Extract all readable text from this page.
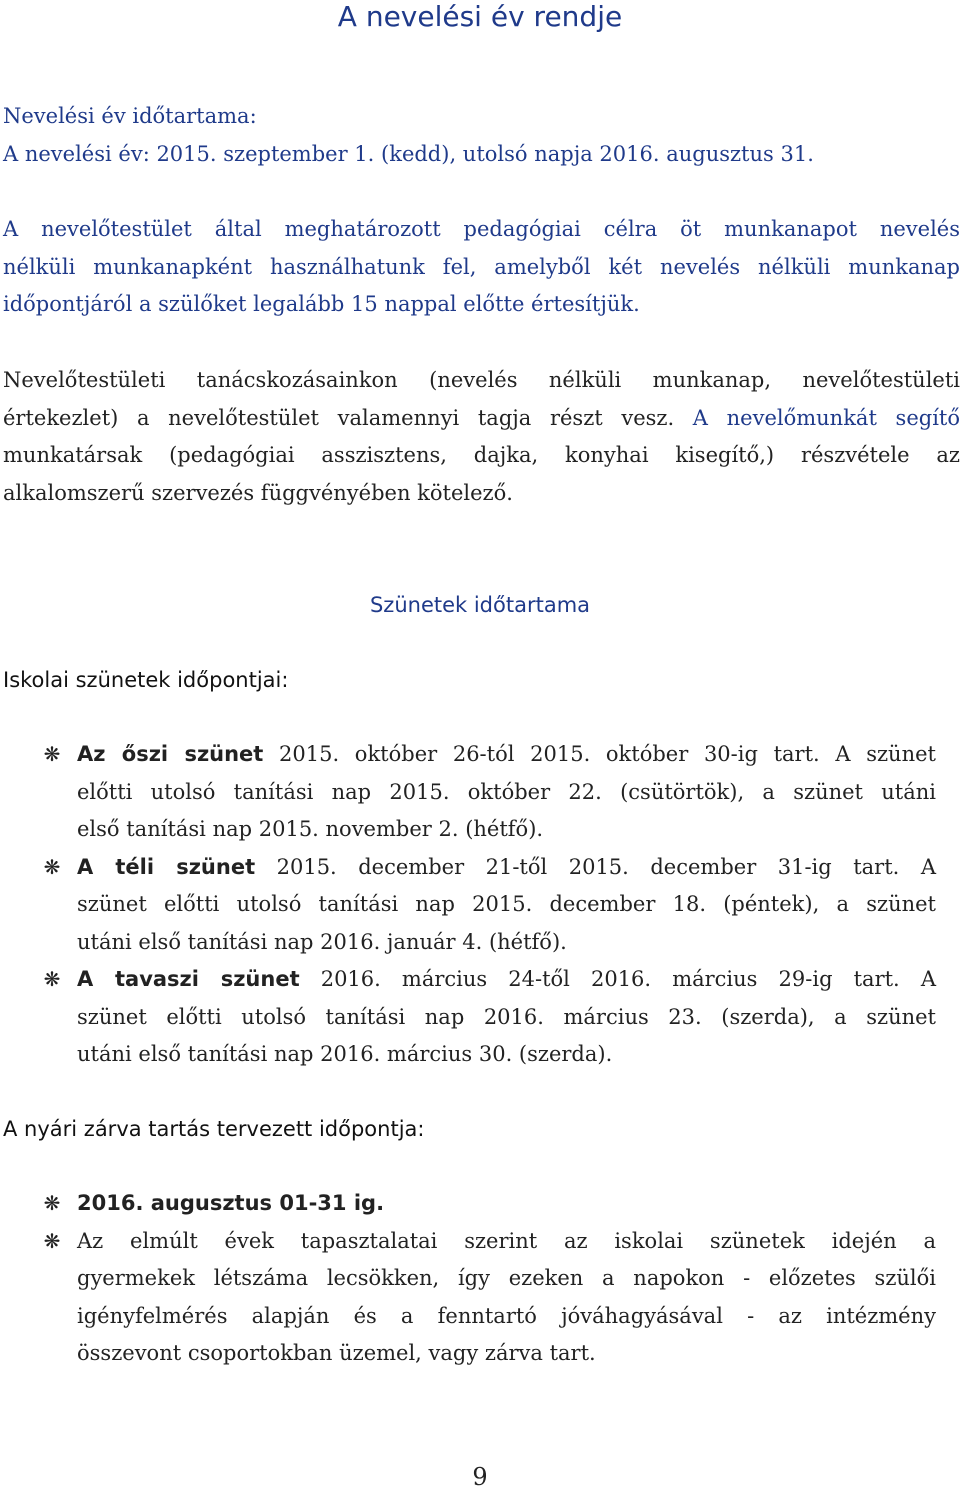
A nevelési év rendje
Nevelési év időtartama:
A nevelési év: 2015. szeptember 1. (kedd), utolsó napja 2016. augusztus 31.
A nevelőtestület által meghatározott pedagógiai célra öt munkanapot nevelés
nélküli munkanapként használhatunk fel, amelyből két nevelés nélküli munkanap
időpontjáról a szülőket legalább 15 nappal előtte értesítjük.
Nevelőtestületi tanácskozásainkon (nevelés nélküli munkanap, nevelőtestületi
értekezlet) a nevelőtestület valamennyi tagja részt vesz. A nevelőmunkát segítő
munkatársak (pedagógiai asszisztens, dajka, konyhai kisegítő,) részvétele az
alkalomszerű szervezés függvényében kötelező.
Szünetek időtartama
Iskolai szünetek időpontjai:
❋ Az őszi szünet 2015. október 26-tól 2015. október 30-ig tart. A szünet
előtti utolsó tanítási nap 2015. október 22. (csütörtök), a szünet utáni
első tanítási nap 2015. november 2. (hétfő).
❋ A téli szünet 2015. december 21-től 2015. december 31-ig tart. A
szünet előtti utolsó tanítási nap 2015. december 18. (péntek), a szünet
utáni első tanítási nap 2016. január 4. (hétfő).
❋ A tavaszi szünet 2016. március 24-től 2016. március 29-ig tart. A
szünet előtti utolsó tanítási nap 2016. március 23. (szerda), a szünet
utáni első tanítási nap 2016. március 30. (szerda).
A nyári zárva tartás tervezett időpontja:
❋ 2016. augusztus 01-31 ig.
❋ Az elmúlt évek tapasztalatai szerint az iskolai szünetek idején a
gyermekek létszáma lecsökken, így ezeken a napokon - előzetes szülői
igényfelmérés alapján és a fenntartó jóváhagyásával - az intézmény
összevont csoportokban üzemel, vagy zárva tart.
9
